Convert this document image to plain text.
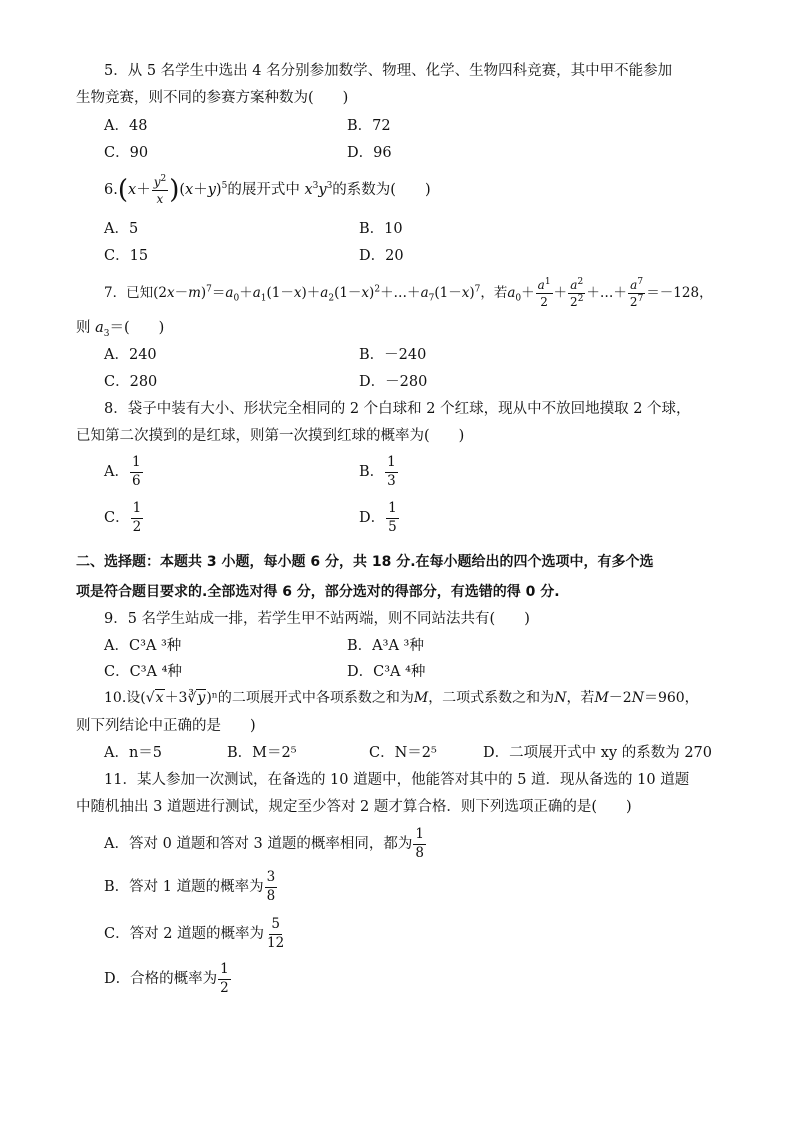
5．从 5 名学生中选出 4 名分别参加数学、物理、化学、生物四科竞赛，其中甲不能参加
生物竞赛，则不同的参赛方案种数为(　　)
A．48	B．72
C．90	D．96
$6.(x+ \frac{y^2}{x} )(x+y)^5$的展开式中 $x^3y^3$的系数为(　　)
A．5	B．10
C．15	D．20
7．已知$(2x-m)^7=a_0+a_1(1-x)+a_2(1-x)^2+\dots+a_7(1-x)^7$，若$a_0+ \frac{a^1}{2} + \frac{a^2}{2^2}$ ＋…＋ $\frac{a^7}{2^7} =-128$，
则 $a_3=$(　　)
A．240	B．－240
C．280	D．－280
8．袋子中装有大小、形状完全相同的 2 个白球和 2 个红球，现从中不放回地摸取 2 个球，
已知第二次摸到的是红球，则第一次摸到红球的概率为(　　)
A． $\frac{1}{6}$	B． $\frac{1}{3}$
C． $\frac{1}{2}$	D． $\frac{1}{5}$
二、选择题：本题共 3 小题，每小题 6 分，共 18 分.在每小题给出的四个选项中，有多个选
项是符合题目要求的.全部选对得 6 分，部分选对的得部分，有选错的得 0 分.
9．5 名学生站成一排，若学生甲不站两端，则不同站法共有(　　)
A．C³A ³种	B．A³A ³种
C．C³A ⁴种	D．C³A ⁴种
10.设(√x＋3∛y)ⁿ的二项展开式中各项系数之和为M，二项式系数之和为N，若M－2N＝960，
则下列结论中正确的是　　)
A．n＝5	B．M＝2⁵	C．N＝2⁵	D．二项展开式中 xy 的系数为 270
11．某人参加一次测试，在备选的 10 道题中，他能答对其中的 5 道．现从备选的 10 道题
中随机抽出 3 道题进行测试，规定至少答对 2 题才算合格．则下列选项正确的是(　　)
A．答对 0 道题和答对 3 道题的概率相同，都为 $\frac{1}{8}$
B．答对 1 道题的概率为 $\frac{3}{8}$
C．答对 2 道题的概率为 $\frac{5}{12}$
D．合格的概率为 $\frac{1}{2}$
